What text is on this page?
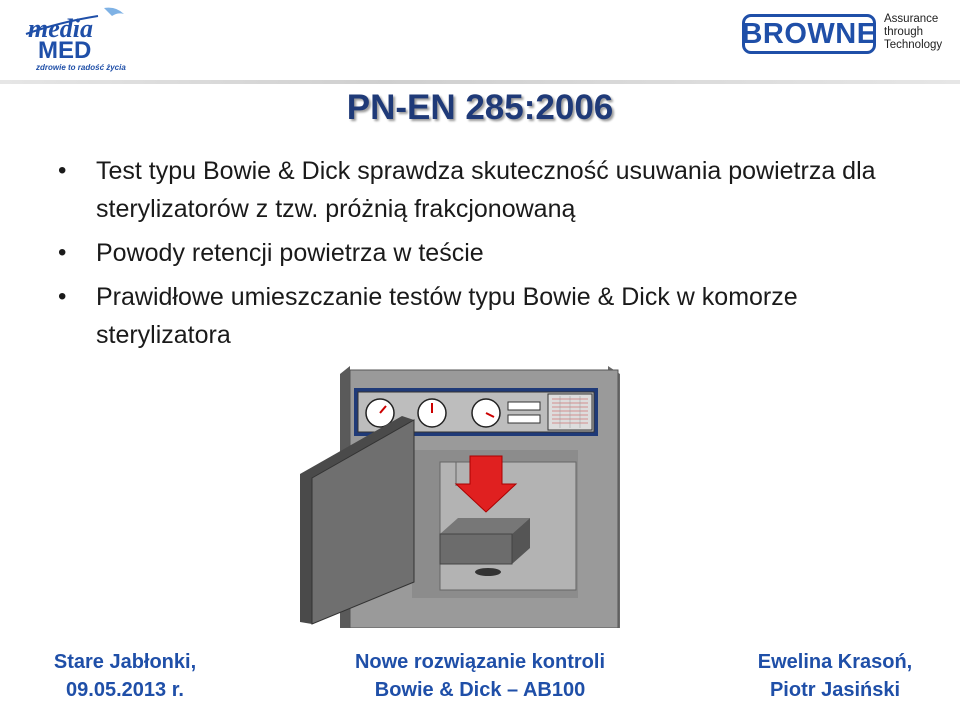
media
MED
zdrowie to radość życia
BROWNE Assurance
through
Technology
PN-EN 285:2006
• Test typu Bowie & Dick sprawdza skuteczność usuwania powietrza dla sterylizatorów z tzw. próżnią frakcjonowaną
• Powody retencji powietrza w teście
• Prawidłowe umieszczanie testów typu Bowie & Dick w komorze sterylizatora
Stare Jabłonki,
09.05.2013 r.
Nowe rozwiązanie kontroli
Bowie & Dick – AB100
Ewelina Krasoń,
Piotr Jasiński
